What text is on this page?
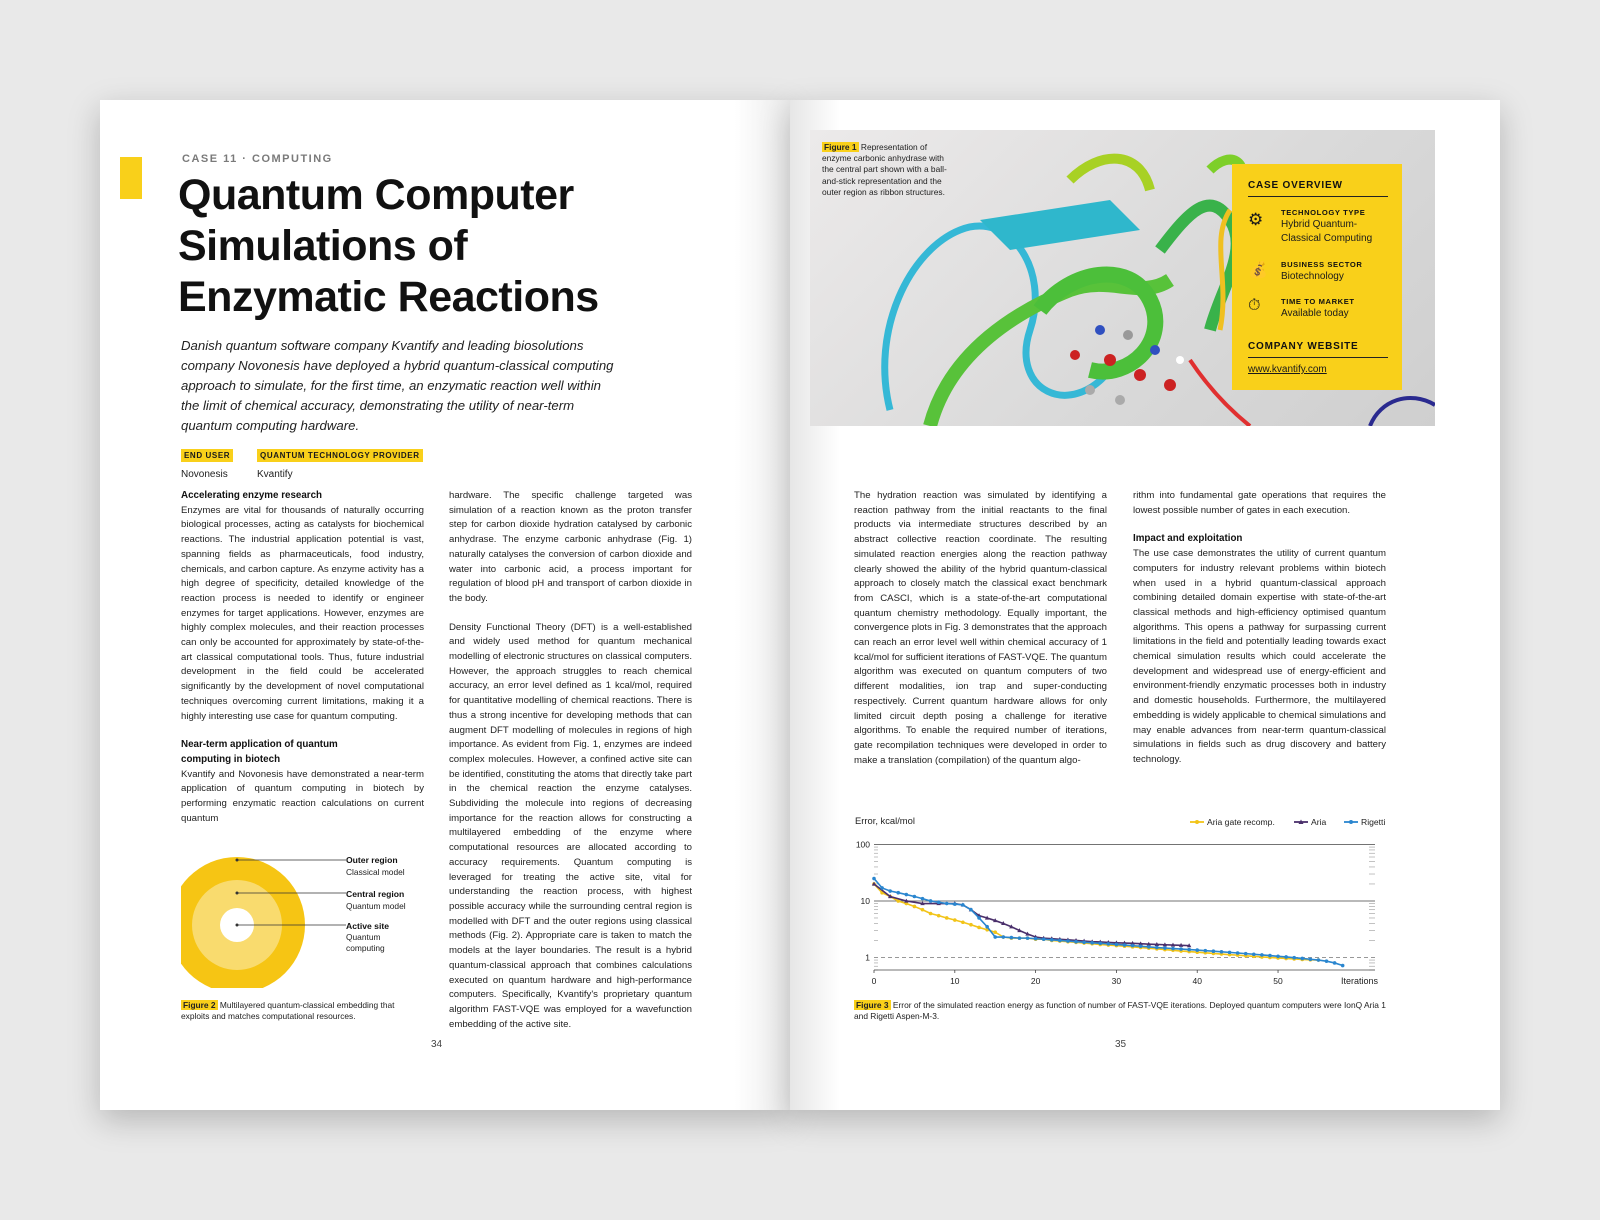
CASE 11 · COMPUTING
Quantum Computer
Simulations of
Enzymatic Reactions
Danish quantum software company Kvantify and leading biosolutions company Novonesis have deployed a hybrid quantum-classical computing approach to simulate, for the first time, an enzymatic reaction well within the limit of chemical accuracy, demonstrating the utility of near-term quantum computing hardware.
END USER
Novonesis
QUANTUM TECHNOLOGY PROVIDER
Kvantify
Accelerating enzyme research

Enzymes are vital for thousands of naturally occurring biological processes, acting as catalysts for biochemical reactions. The industrial application potential is vast, spanning fields as pharmaceuticals, food industry, chemicals, and carbon capture. As enzyme activity has a high degree of specificity, detailed knowledge of the reaction process is needed to identify or engineer enzymes for target applications. However, enzymes are highly complex molecules, and their reaction processes can only be accounted for approximately by state-of-the-art classical computational tools. Thus, future industrial development in the field could be accelerated significantly by the development of novel computational techniques overcoming current limitations, making it a highly interesting use case for quantum computing.

Near-term application of quantum computing in biotech

Kvantify and Novonesis have demonstrated a near-term application of quantum computing in biotech by performing enzymatic reaction calculations on current quantum

hardware. The specific challenge targeted was simulation of a reaction known as the proton transfer step for carbon dioxide hydration catalysed by carbonic anhydrase. The enzyme carbonic anhydrase (Fig. 1) naturally catalyses the conversion of carbon dioxide and water into carbonic acid, a process important for regulation of blood pH and transport of carbon dioxide in the body.

Density Functional Theory (DFT) is a well-established and widely used method for quantum mechanical modelling of electronic structures on classical computers. However, the approach struggles to reach chemical accuracy, an error level defined as 1 kcal/mol, required for quantitative modelling of chemical reactions. There is thus a strong incentive for developing methods that can augment DFT modelling of molecules in regions of high importance. As evident from Fig. 1, enzymes are indeed complex molecules. However, a confined active site can be identified, constituting the atoms that directly take part in the chemical reaction the enzyme catalyses. Subdividing the molecule into regions of decreasing importance for the reaction allows for constructing a multilayered embedding of the enzyme where computational resources are allocated according to accuracy requirements. Quantum computing is leveraged for treating the active site, vital for understanding the reaction process, with highest possible accuracy while the surrounding central region is modelled with DFT and the outer regions using classical methods (Fig. 2). Appropriate care is taken to match the models at the layer boundaries. The result is a hybrid quantum-classical approach that combines calculations executed on quantum hardware and high-performance computers. Specifically, Kvantify's proprietary quantum algorithm FAST-VQE was employed for a wavefunction embedding of the active site.

Outer region
Classical model
Central region
Quantum model
Active site
Quantum computing
Figure 2 Multilayered quantum-classical embedding that exploits and matches computational resources.
34
Figure 1 Representation of enzyme carbonic anhydrase with the central part shown with a ball-and-stick representation and the outer region as ribbon structures.
CASE OVERVIEW
⚙ TECHNOLOGY TYPE
Hybrid Quantum-Classical Computing
💰 BUSINESS SECTOR
Biotechnology
⏱	TIME TO MARKET
Available today
COMPANY WEBSITE
www.kvantify.com

The hydration reaction was simulated by identifying a reaction pathway from the initial reactants to the final products via intermediate structures described by an abstract collective reaction coordinate. The resulting simulated reaction energies along the reaction pathway clearly showed the ability of the hybrid quantum-classical approach to closely match the classical exact benchmark from CASCI, which is a state-of-the-art computational quantum chemistry methodology. Equally important, the convergence plots in Fig. 3 demonstrates that the approach can reach an error level well within chemical accuracy of 1 kcal/mol for sufficient iterations of FAST-VQE. The quantum algorithm was executed on quantum computers of two different modalities, ion trap and super-conducting respectively. Current quantum hardware allows for only limited circuit depth posing a challenge for iterative algorithms. To enable the required number of iterations, gate recompilation techniques were developed in order to make a translation (compilation) of the quantum algo-

rithm into fundamental gate operations that requires the lowest possible number of gates in each execution.

Impact and exploitation

The use case demonstrates the utility of current quantum computers for industry relevant problems within biotech when used in a hybrid quantum-classical approach combining detailed domain expertise with state-of-the-art classical methods and high-efficiency optimised quantum algorithms. This opens a pathway for surpassing current limitations in the field and potentially leading towards exact chemical simulation results which could accelerate the development and widespread use of energy-efficient and environment-friendly enzymatic processes both in industry and domestic households. Furthermore, the multilayered embedding is widely applicable to chemical simulations and may enable advances from near-term quantum-classical simulations in fields such as drug discovery and battery technology.

Error, kcal/mol	Aria gate recomp.	Aria	Rigetti
1
10
100
0	10	20	30	40	50	Iterations
Figure 3 Error of the simulated reaction energy as function of number of FAST-VQE iterations. Deployed quantum computers were IonQ Aria 1 and Rigetti Aspen-M-3.
35
